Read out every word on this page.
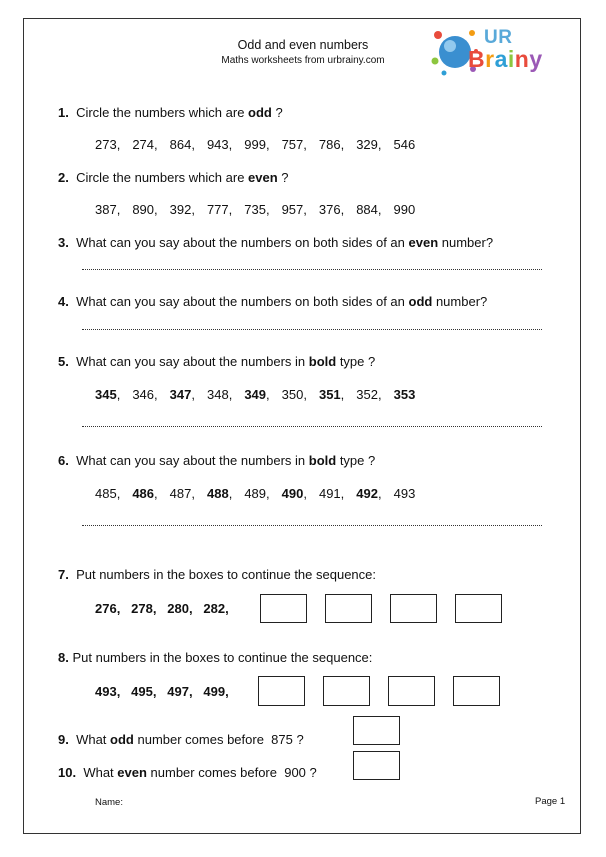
Odd and even numbers
Maths worksheets from urbrainy.com
UR
Brainy
1. Circle the numbers which are odd ?
273, 274, 864, 943, 999, 757, 786, 329, 546
2. Circle the numbers which are even ?
387, 890, 392, 777, 735, 957, 376, 884, 990
3. What can you say about the numbers on both sides of an even number?
4. What can you say about the numbers on both sides of an odd number?
5. What can you say about the numbers in bold type ?
345, 346, 347, 348, 349, 350, 351, 352, 353
6. What can you say about the numbers in bold type ?
485, 486, 487, 488, 489, 490, 491, 492, 493
7. Put numbers in the boxes to continue the sequence:
276,   278,   280,   282,
8. Put numbers in the boxes to continue the sequence:
493,   495,   497,   499,
9. What odd number comes before  875 ?
10. What even number comes before  900 ?
Name:	Page 1
